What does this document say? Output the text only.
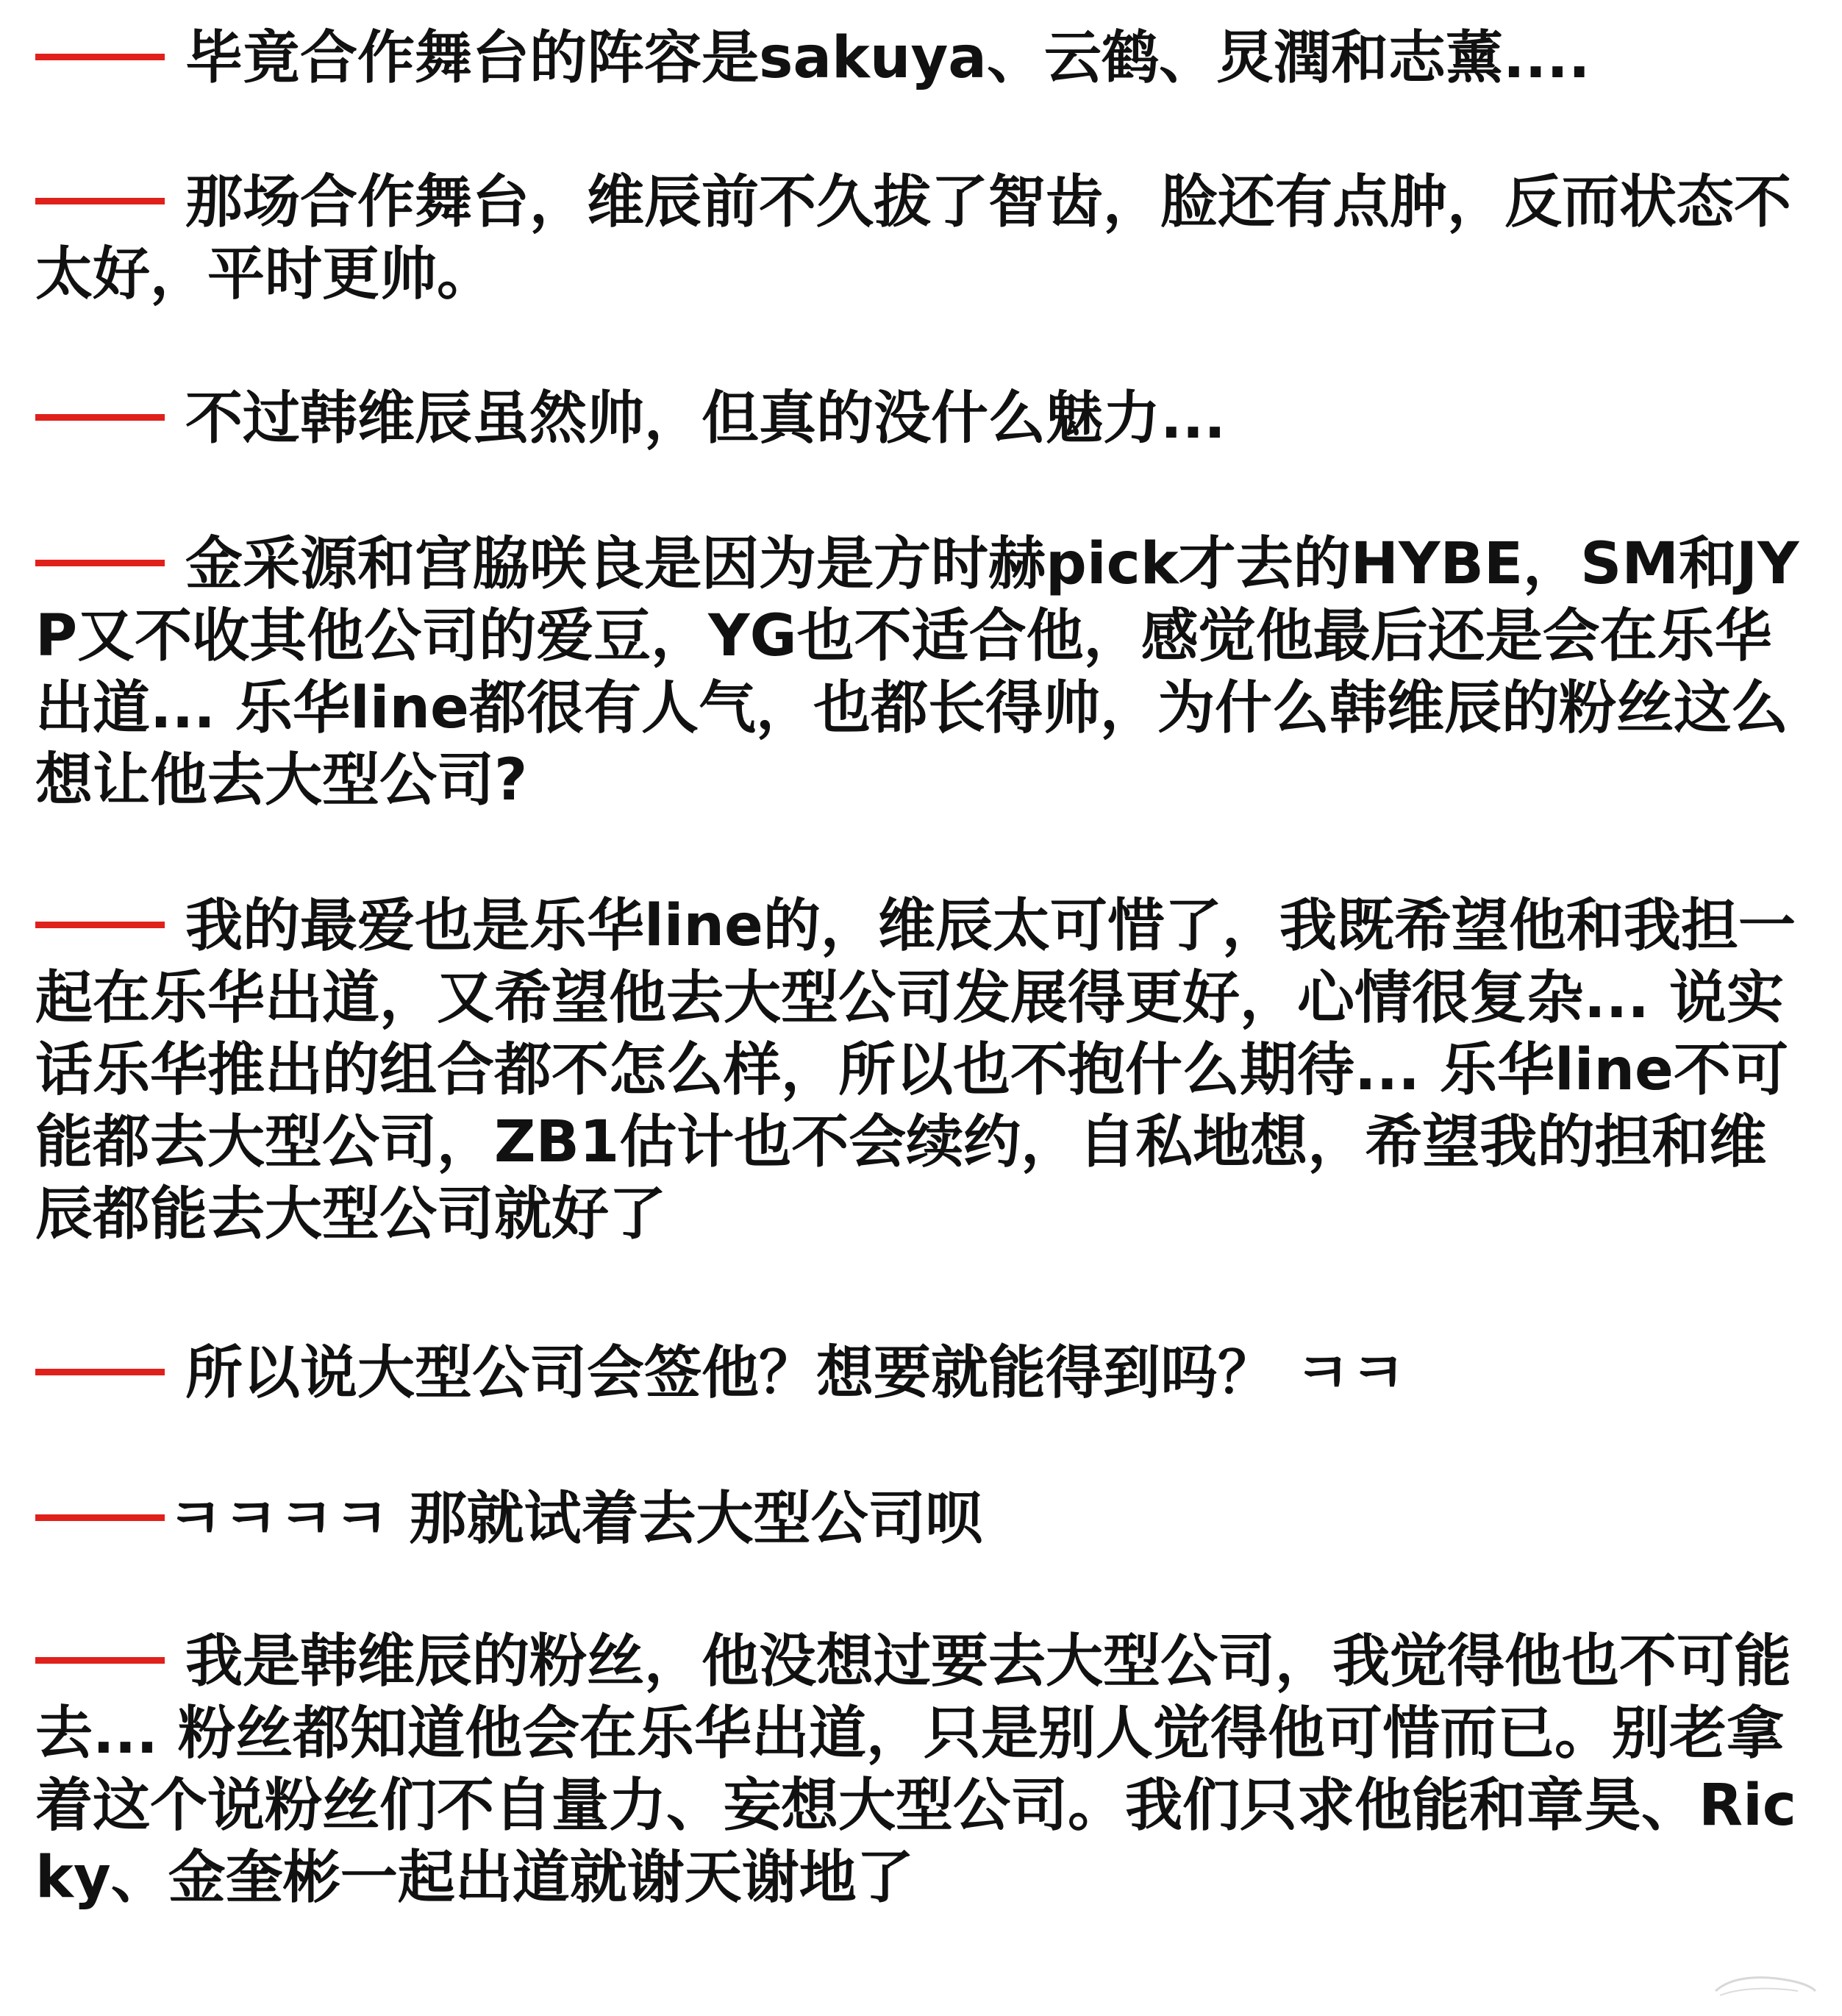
毕竟合作舞台的阵容是sakuya、云鹤、炅潤和志薰....
那场合作舞台，维辰前不久拔了智齿，脸还有点肿，反而状态不太好，平时更帅。
不过韩维辰虽然帅，但真的没什么魅力...
金采源和宫脇咲良是因为是方时赫pick才去的HYBE，SM和JYP又不收其他公司的爱豆，YG也不适合他，感觉他最后还是会在乐华出道... 乐华line都很有人气，也都长得帅，为什么韩维辰的粉丝这么想让他去大型公司?
我的最爱也是乐华line的，维辰太可惜了，我既希望他和我担一起在乐华出道，又希望他去大型公司发展得更好，心情很复杂... 说实话乐华推出的组合都不怎么样，所以也不抱什么期待... 乐华line不可能都去大型公司，ZB1估计也不会续约，自私地想，希望我的担和维辰都能去大型公司就好了
所以说大型公司会签他？想要就能得到吗？ ㅋㅋ
ㅋㅋㅋㅋ 那就试着去大型公司呗
我是韩维辰的粉丝，他没想过要去大型公司，我觉得他也不可能去... 粉丝都知道他会在乐华出道，只是别人觉得他可惜而已。别老拿着这个说粉丝们不自量力、妄想大型公司。我们只求他能和章昊、Ricky、金奎彬一起出道就谢天谢地了
